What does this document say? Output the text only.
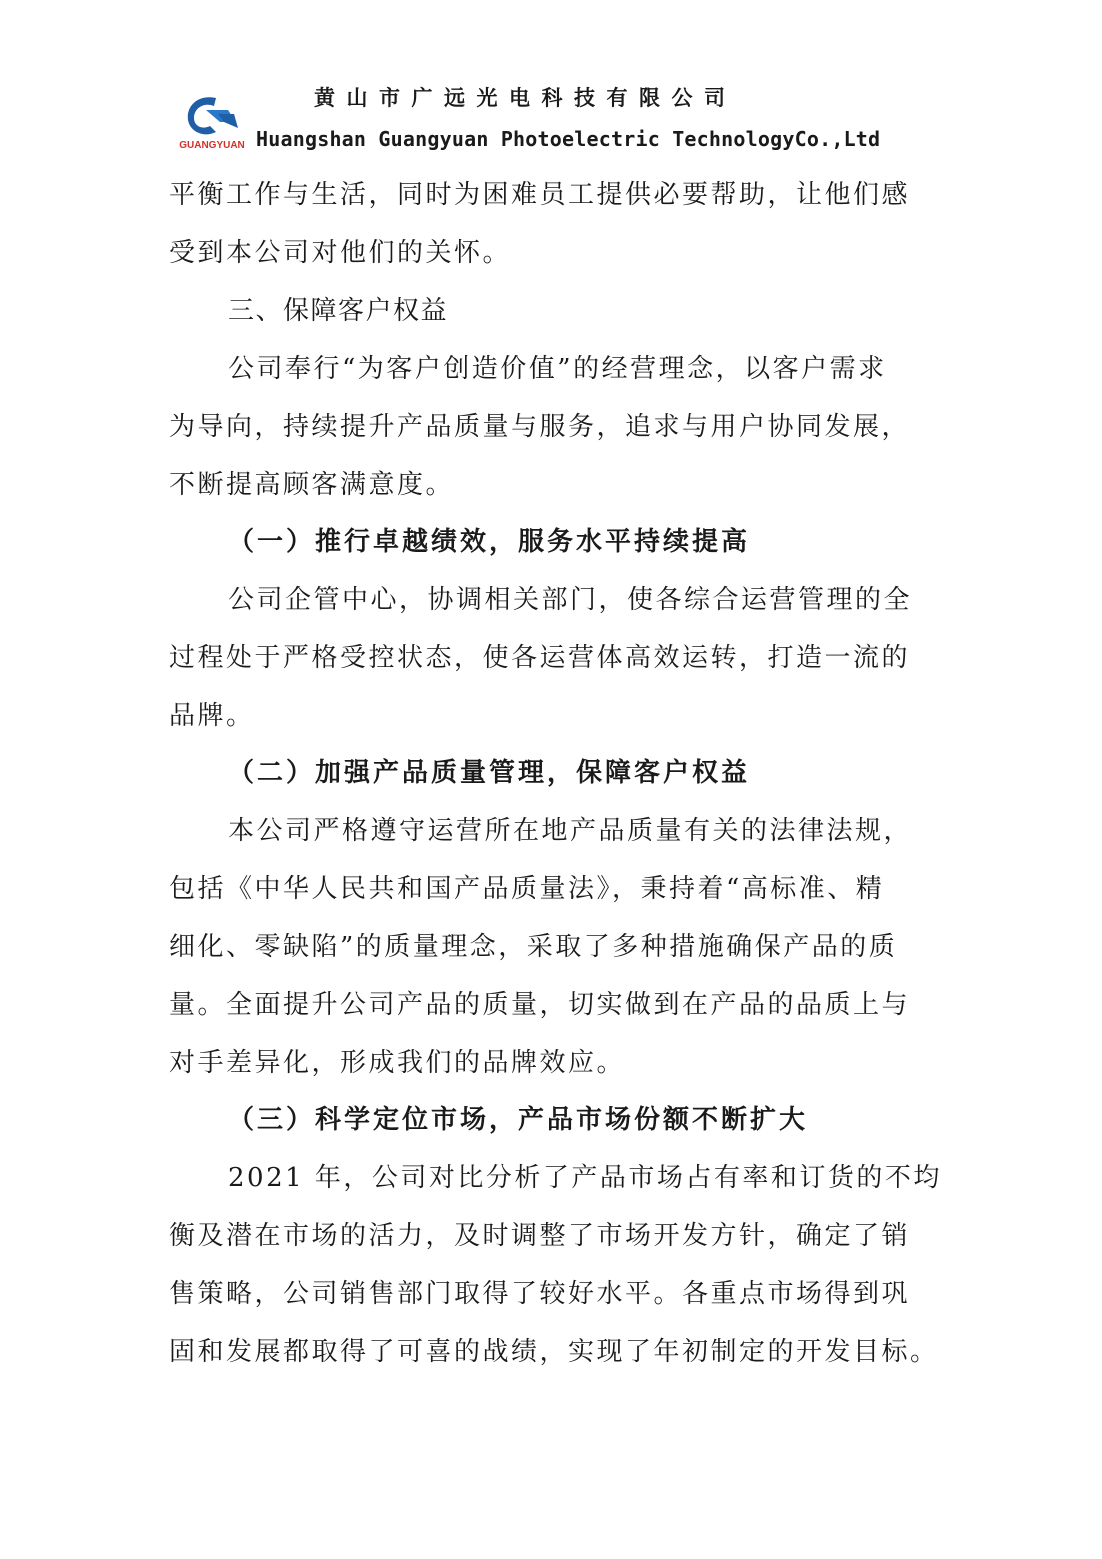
黄山市广远光电科技有限公司
GUANGYUAN Huangshan Guangyuan Photoelectric TechnologyCo.,Ltd
平衡工作与生活，同时为困难员工提供必要帮助，让他们感
受到本公司对他们的关怀。
三、保障客户权益
公司奉行“为客户创造价值”的经营理念，以客户需求
为导向，持续提升产品质量与服务，追求与用户协同发展，
不断提高顾客满意度。
（一）推行卓越绩效，服务水平持续提高
公司企管中心，协调相关部门，使各综合运营管理的全
过程处于严格受控状态，使各运营体高效运转，打造一流的
品牌。
（二）加强产品质量管理，保障客户权益
本公司严格遵守运营所在地产品质量有关的法律法规，
包括《中华人民共和国产品质量法》，秉持着“高标准、精
细化、零缺陷”的质量理念，采取了多种措施确保产品的质
量。全面提升公司产品的质量，切实做到在产品的品质上与
对手差异化，形成我们的品牌效应。
（三）科学定位市场，产品市场份额不断扩大
2021 年，公司对比分析了产品市场占有率和订货的不均
衡及潜在市场的活力，及时调整了市场开发方针，确定了销
售策略，公司销售部门取得了较好水平。各重点市场得到巩
固和发展都取得了可喜的战绩，实现了年初制定的开发目标。
